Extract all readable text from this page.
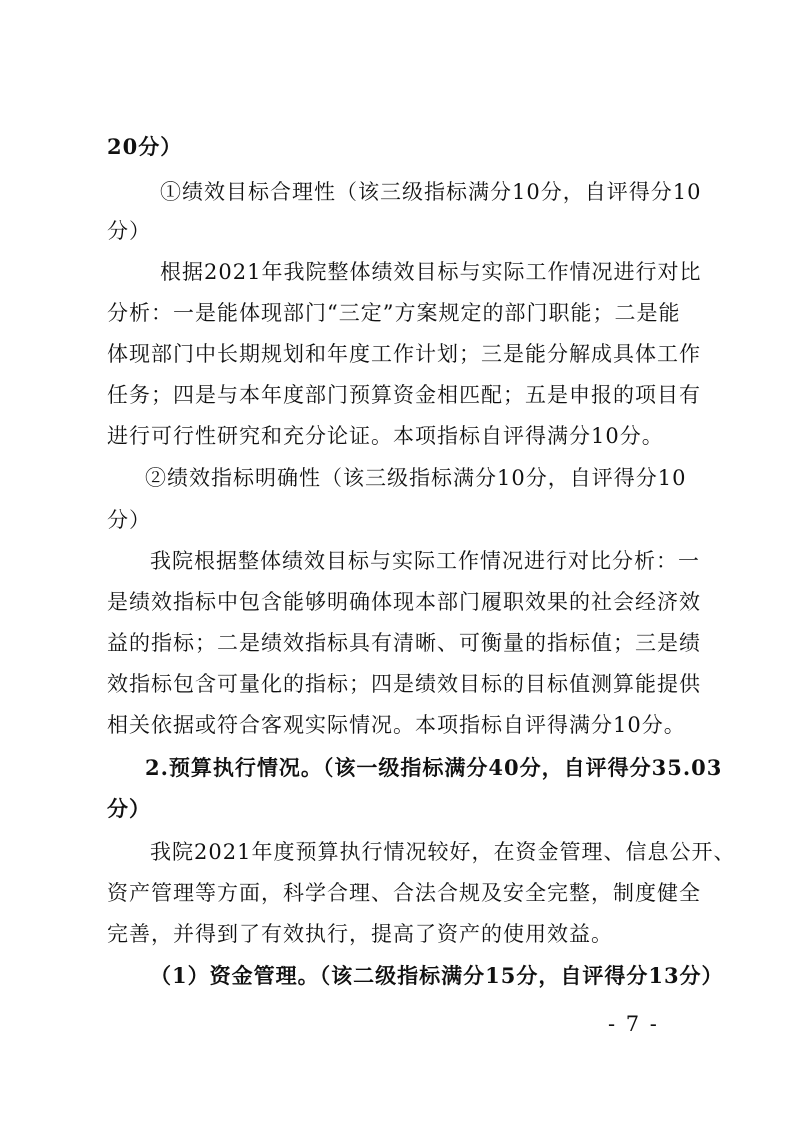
20分）
①绩效目标合理性（该三级指标满分10分，自评得分10
分）
根据2021年我院整体绩效目标与实际工作情况进行对比
分析：一是能体现部门“三定”方案规定的部门职能；二是能
体现部门中长期规划和年度工作计划；三是能分解成具体工作
任务；四是与本年度部门预算资金相匹配；五是申报的项目有
进行可行性研究和充分论证。本项指标自评得满分10分。
②绩效指标明确性（该三级指标满分10分，自评得分10
分）
我院根据整体绩效目标与实际工作情况进行对比分析：一
是绩效指标中包含能够明确体现本部门履职效果的社会经济效
益的指标；二是绩效指标具有清晰、可衡量的指标值；三是绩
效指标包含可量化的指标；四是绩效目标的目标值测算能提供
相关依据或符合客观实际情况。本项指标自评得满分10分。
2.预算执行情况。（该一级指标满分40分，自评得分35.03
分）
我院2021年度预算执行情况较好，在资金管理、信息公开、
资产管理等方面，科学合理、合法合规及安全完整，制度健全
完善，并得到了有效执行，提高了资产的使用效益。
（1）资金管理。（该二级指标满分15分，自评得分13分）
- 7 -
